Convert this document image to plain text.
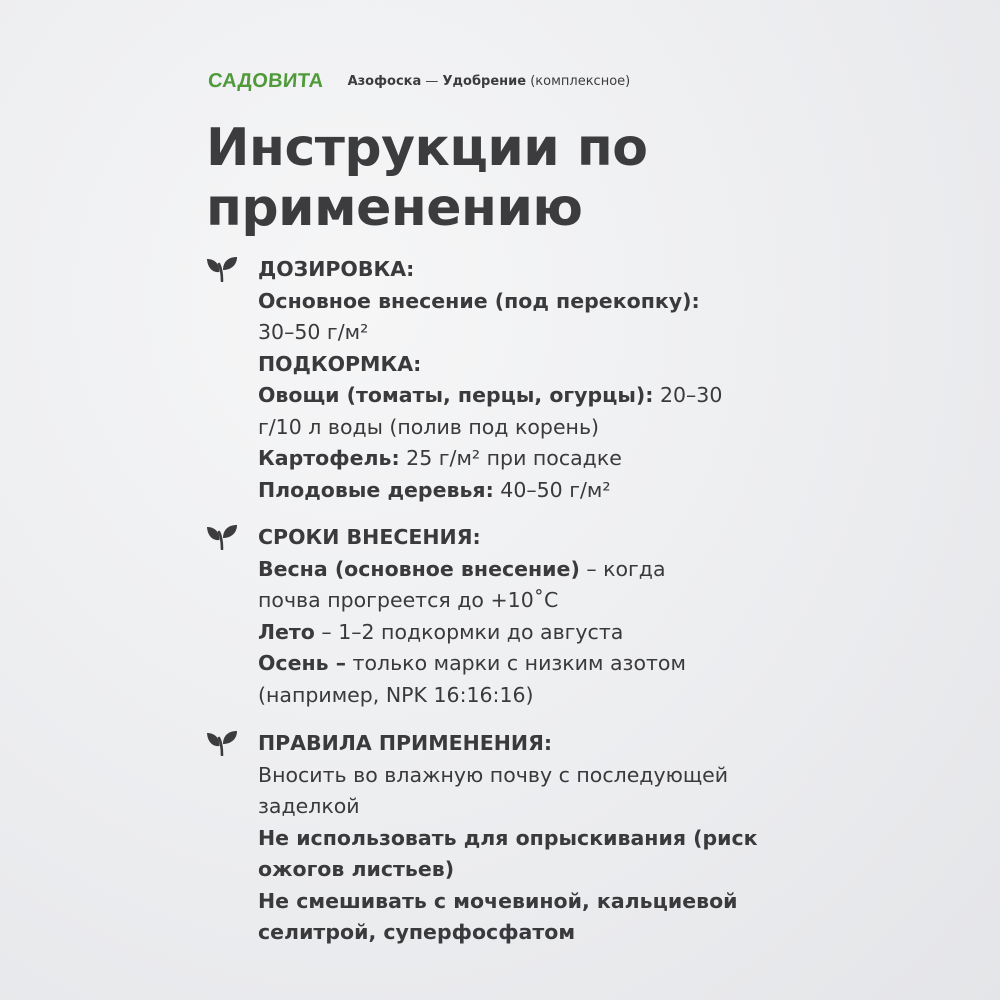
САДОВИТА Азофоска — Удобрение (комплексное)
Инструкции по
применению
ДОЗИРОВКА:
Основное внесение (под перекопку):
30–50 г/м²
ПОДКОРМКА:
Овощи (томаты, перцы, огурцы): 20–30
г/10 л воды (полив под корень)
Картофель: 25 г/м² при посадке
Плодовые деревья: 40–50 г/м²
СРОКИ ВНЕСЕНИЯ:
Весна (основное внесение) – когда
почва прогреется до +10˚С
Лето – 1–2 подкормки до августа
Осень – только марки с низким азотом
(например, NPK 16:16:16)
ПРАВИЛА ПРИМЕНЕНИЯ:
Вносить во влажную почву с последующей
заделкой
Не использовать для опрыскивания (риск
ожогов листьев)
Не смешивать с мочевиной, кальциевой
селитрой, суперфосфатом
